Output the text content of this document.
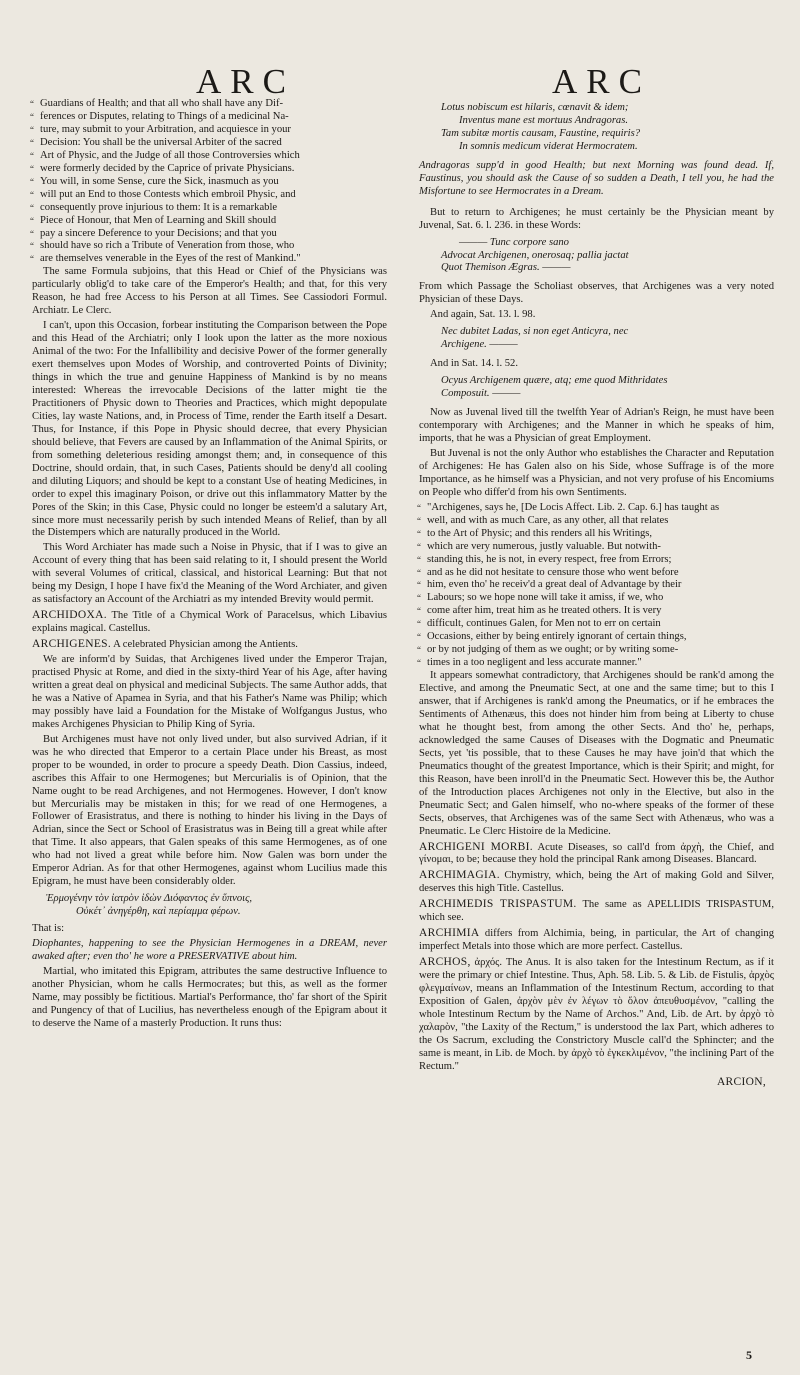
ARC	ARC

“ Guardians of Health; and that all who shall have any Dif-

“ ferences or Disputes, relating to Things of a medicinal Na-

“ ture, may submit to your Arbitration, and acquiesce in your

“ Decision: You shall be the universal Arbiter of the sacred

“ Art of Physic, and the Judge of all those Controversies which

“ were formerly decided by the Caprice of private Physicians.

“ You will, in some Sense, cure the Sick, inasmuch as you

“ will put an End to those Contests which embroil Physic, and

“ consequently prove injurious to them: It is a remarkable

“ Piece of Honour, that Men of Learning and Skill should

“ pay a sincere Deference to your Decisions; and that you

“ should have so rich a Tribute of Veneration from those, who

“ are themselves venerable in the Eyes of the rest of Mankind."

The same Formula subjoins, that this Head or Chief of the Physicians was particularly oblig'd to take care of the Emperor's Health; and that, for this very Reason, he had free Access to his Person at all Times. See Cassiodori Formul. Archiatr. Le Clerc.

I can't, upon this Occasion, forbear instituting the Comparison between the Pope and this Head of the Archiatri; only I look upon the latter as the more noxious Animal of the two: For the Infallibility and decisive Power of the former generally exert themselves upon Modes of Worship, and controverted Points of Divinity; things in which the true and genuine Happiness of Mankind is by no means interested: Whereas the irrevocable Decisions of the latter might tie the Practitioners of Physic down to Theories and Practices, which might depopulate Cities, lay waste Nations, and, in Process of Time, render the Earth itself a Desart. Thus, for Instance, if this Pope in Physic should decree, that every Physician should believe, that Fevers are caused by an Inflammation of the Animal Spirits, or from something deleterious residing amongst them; and, in consequence of this Doctrine, should ordain, that, in such Cases, Patients should be deny'd all cooling and diluting Liquors; and should be kept to a constant Use of heating Medicines, in order to expel this imaginary Poison, or drive out this inflammatory Matter by the Pores of the Skin; in this Case, Physic could no longer be esteem'd a salutary Art, since more must necessarily perish by such intended Means of Relief, than by all the Distempers which are naturally produced in the World.

This Word Archiater has made such a Noise in Physic, that if I was to give an Account of every thing that has been said relating to it, I should present the World with several Volumes of critical, classical, and historical Learning: But that not being my Design, I hope I have fix'd the Meaning of the Word Archiater, and given as satisfactory an Account of the Archiatri as my intended Brevity would permit.

ARCHIDOXA. The Title of a Chymical Work of Paracelsus, which Libavius explains magical. Castellus.

ARCHIGENES. A celebrated Physician among the Antients.

We are inform'd by Suidas, that Archigenes lived under the Emperor Trajan, practised Physic at Rome, and died in the sixty-third Year of his Age, after having written a great deal on physical and medicinal Subjects. The same Author adds, that he was a Native of Apamea in Syria, and that his Father's Name was Philip; which may possibly have laid a Foundation for the Mistake of Wolfgangus Justus, who makes Archigenes Physician to Philip King of Syria.

But Archigenes must have not only lived under, but also survived Adrian, if it was he who directed that Emperor to a certain Place under his Breast, as most proper to be wounded, in order to procure a speedy Death. Dion Cassius, indeed, ascribes this Affair to one Hermogenes; but Mercurialis is of Opinion, that the Name ought to be read Archigenes, and not Hermogenes. However, I don't know but Mercurialis may be mistaken in this; for we read of one Hermogenes, a Follower of Erasistratus, and there is nothing to hinder his living in the Days of Adrian, since the Sect or School of Erasistratus was in Being till a great while after that Time. It also appears, that Galen speaks of this same Hermogenes, as of one who had not lived a great while before him. Now Galen was born under the Emperor Adrian. As for that other Hermogenes, against whom Lucilius made this Epigram, he must have been considerably older.

Ἑρμογένην τὸν ἰατρὸν ἰδὼν Διόφαντος ἐν ὕπνοις,
Οὐκέτ᾽ ἀνηγέρθη, καὶ περίαμμα φέρων.

That is:

Diophantes, happening to see the Physician Hermogenes in a DREAM, never awaked after; even tho' he wore a PRESERVATIVE about him.

Martial, who imitated this Epigram, attributes the same destructive Influence to another Physician, whom he calls Hermocrates; but this, as well as the former Name, may possibly be fictitious. Martial's Performance, tho' far short of the Spirit and Pungency of that of Lucilius, has nevertheless enough of the Epigram about it to deserve the Name of a masterly Production. It runs thus:

Lotus nobiscum est hilaris, cœnavit & idem;
Inventus mane est mortuus Andragoras.
Tam subitæ mortis causam, Faustine, requiris?
In somnis medicum viderat Hermocratem.

Andragoras supp'd in good Health; but next Morning was found dead. If, Faustinus, you should ask the Cause of so sudden a Death, I tell you, he had the Misfortune to see Hermocrates in a Dream.

But to return to Archigenes; he must certainly be the Physician meant by Juvenal, Sat. 6. l. 236. in these Words:

——— Tunc corpore sano
Advocat Archigenen, onerosaq; pallia jactat
Quot Themison Ægras. ———

From which Passage the Scholiast observes, that Archigenes was a very noted Physician of these Days.

And again, Sat. 13. l. 98.

Nec dubitet Ladas, si non eget Anticyra, nec
Archigene. ———

And in Sat. 14. l. 52.

Ocyus Archigenem quære, atq; eme quod Mithridates
Composuit. ———

Now as Juvenal lived till the twelfth Year of Adrian's Reign, he must have been contemporary with Archigenes; and the Manner in which he speaks of him, imports, that he was a Physician of great Employment.

But Juvenal is not the only Author who establishes the Character and Reputation of Archigenes: He has Galen also on his Side, whose Suffrage is of the more Importance, as he himself was a Physician, and not very profuse of his Encomiums on People who differ'd from his own Sentiments.

“ "Archigenes, says he, [De Locis Affect. Lib. 2. Cap. 6.] has taught as

“ well, and with as much Care, as any other, all that relates

“ to the Art of Physic; and this renders all his Writings,

“ which are very numerous, justly valuable. But notwith-

“ standing this, he is not, in every respect, free from Errors;

“ and as he did not hesitate to censure those who went before

“ him, even tho' he receiv'd a great deal of Advantage by their

“ Labours; so we hope none will take it amiss, if we, who

“ come after him, treat him as he treated others. It is very

“ difficult, continues Galen, for Men not to err on certain

“ Occasions, either by being entirely ignorant of certain things,

“ or by not judging of them as we ought; or by writing some-

“ times in a too negligent and less accurate manner."

It appears somewhat contradictory, that Archigenes should be rank'd among the Elective, and among the Pneumatic Sect, at one and the same time; but to this I answer, that if Archigenes is rank'd among the Pneumatics, or if he embraces the Sentiments of Athenæus, this does not hinder him from being at Liberty to chuse what he thought best, from among the other Sects. And tho' he, perhaps, acknowledged the same Causes of Diseases with the Dogmatic and Pneumatic Sects, yet 'tis possible, that to these Causes he may have join'd that which the Pneumatics thought of the greatest Importance, which is their Spirit; and might, for this Reason, have been inroll'd in the Pneumatic Sect. However this be, the Author of the Introduction places Archigenes not only in the Elective, but also in the Pneumatic Sect; and Galen himself, who no-where speaks of the former of these Sects, observes, that Archigenes was of the same Sect with Athenæus, who was a Pneumatic. Le Clerc Histoire de la Medicine.

ARCHIGENI MORBI. Acute Diseases, so call'd from ἀρχὴ, the Chief, and γίνομαι, to be; because they hold the principal Rank among Diseases. Blancard.

ARCHIMAGIA. Chymistry, which, being the Art of making Gold and Silver, deserves this high Title. Castellus.

ARCHIMEDIS TRISPASTUM. The same as APELLIDIS TRISPASTUM, which see.

ARCHIMIA differs from Alchimia, being, in particular, the Art of changing imperfect Metals into those which are more perfect. Castellus.

ARCHOS, ἀρχός. The Anus. It is also taken for the Intestinum Rectum, as if it were the primary or chief Intestine. Thus, Aph. 58. Lib. 5. & Lib. de Fistulis, ἀρχὸς φλεγμαίνων, means an Inflammation of the Intestinum Rectum, according to that Exposition of Galen, ἀρχὸν μὲν ἐν λέγων τὸ ὅλον ἀπευθυσμένον, "calling the whole Intestinum Rectum by the Name of Archos." And, Lib. de Art. by ἀρχὸ τὸ χαλαρὸν, "the Laxity of the Rectum," is understood the lax Part, which adheres to the Os Sacrum, excluding the Constrictory Muscle call'd the Sphincter; and the same is meant, in Lib. de Moch. by ἀρχὸ τὸ ἐγκεκλιμένον, "the inclining Part of the Rectum."

ARCION,
5
